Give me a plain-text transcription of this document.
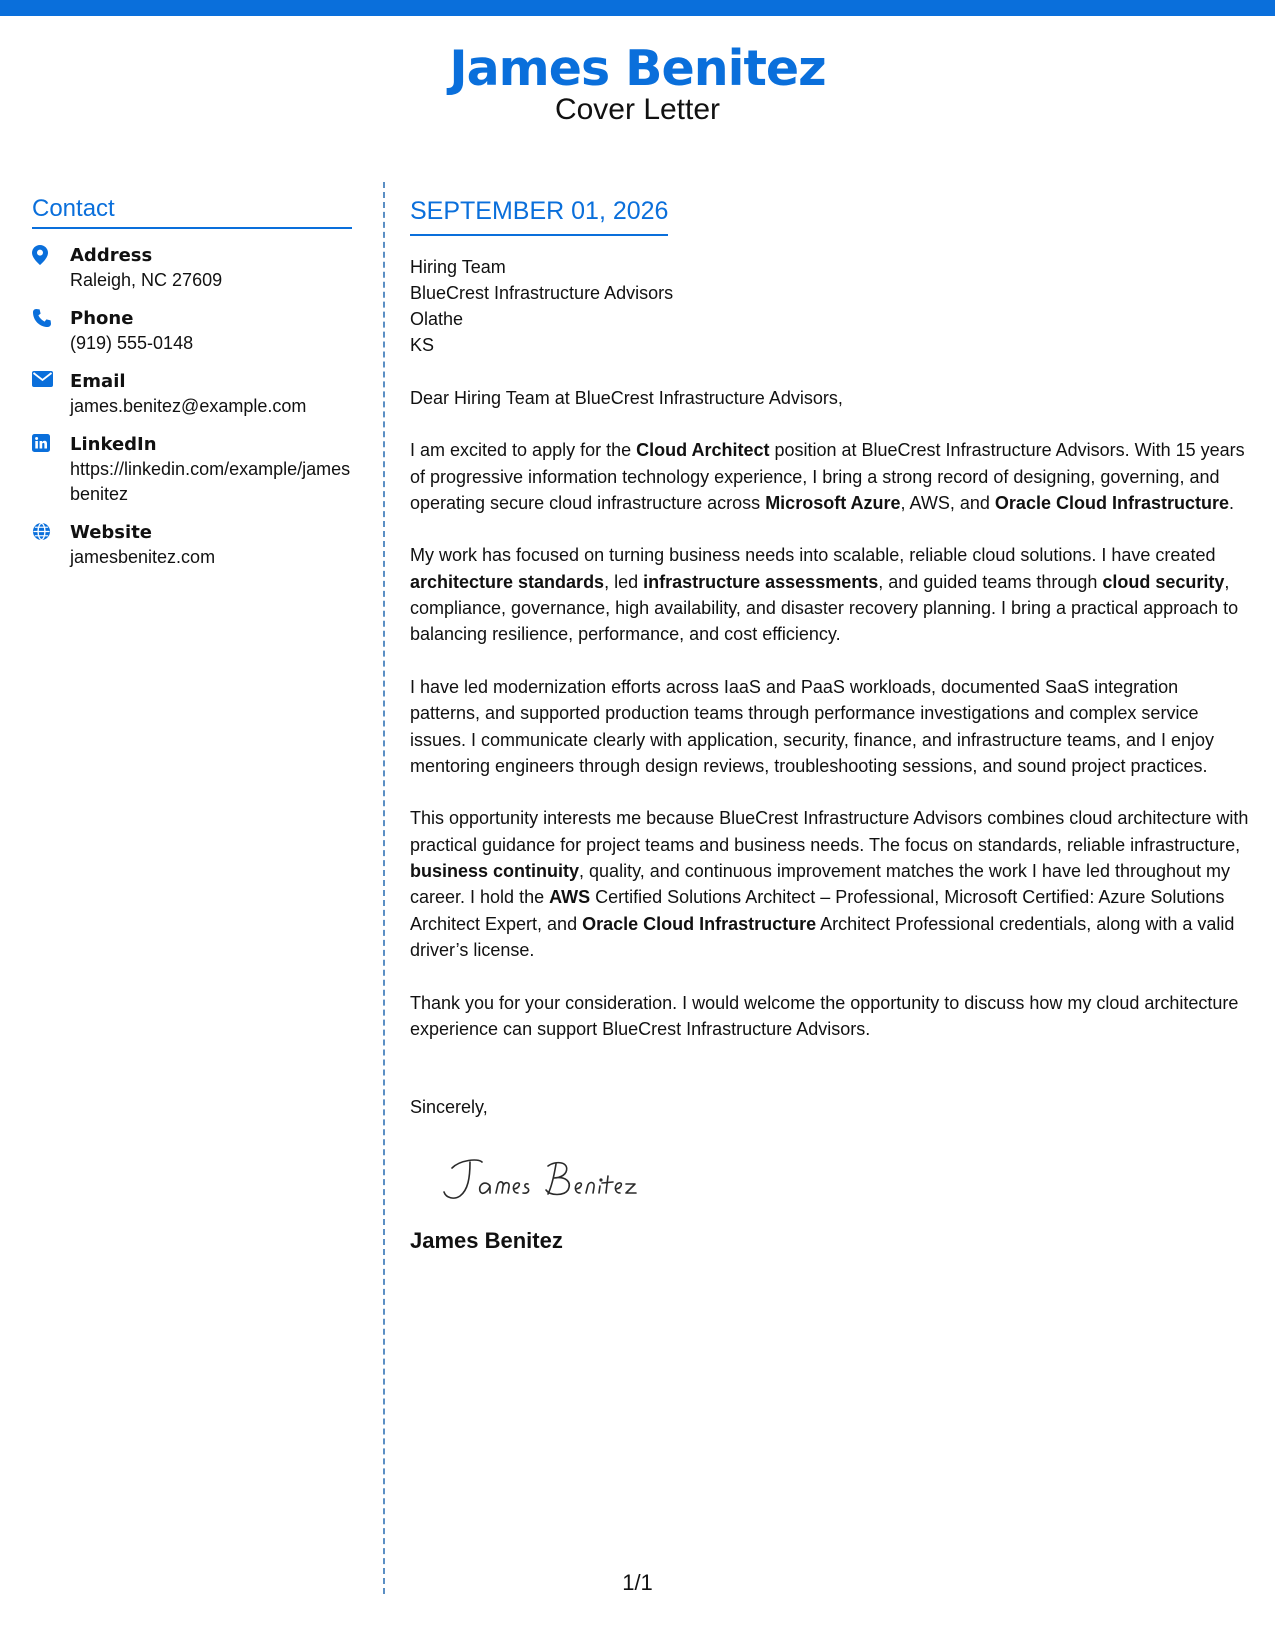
James Benitez
Cover Letter
Contact
Address
Raleigh, NC 27609
Phone
(919) 555-0148
Email
james.benitez@example.com
LinkedIn
https://linkedin.com/example/jamesbenitez
Website
jamesbenitez.com
SEPTEMBER 01, 2026
Hiring Team
BlueCrest Infrastructure Advisors
Olathe
KS
Dear Hiring Team at BlueCrest Infrastructure Advisors,

I am excited to apply for the Cloud Architect position at BlueCrest Infrastructure Advisors. With 15 years of progressive information technology experience, I bring a strong record of designing, governing, and operating secure cloud infrastructure across Microsoft Azure, AWS, and Oracle Cloud Infrastructure.

My work has focused on turning business needs into scalable, reliable cloud solutions. I have created architecture standards, led infrastructure assessments, and guided teams through cloud security, compliance, governance, high availability, and disaster recovery planning. I bring a practical approach to balancing resilience, performance, and cost efficiency.

I have led modernization efforts across IaaS and PaaS workloads, documented SaaS integration patterns, and supported production teams through performance investigations and complex service issues. I communicate clearly with application, security, finance, and infrastructure teams, and I enjoy mentoring engineers through design reviews, troubleshooting sessions, and sound project practices.

This opportunity interests me because BlueCrest Infrastructure Advisors combines cloud architecture with practical guidance for project teams and business needs. The focus on standards, reliable infrastructure, business continuity, quality, and continuous improvement matches the work I have led throughout my career. I hold the AWS Certified Solutions Architect – Professional, Microsoft Certified: Azure Solutions Architect Expert, and Oracle Cloud Infrastructure Architect Professional credentials, along with a valid driver’s license.

Thank you for your consideration. I would welcome the opportunity to discuss how my cloud architecture experience can support BlueCrest Infrastructure Advisors.

Sincerely,
James Benitez
1/1
